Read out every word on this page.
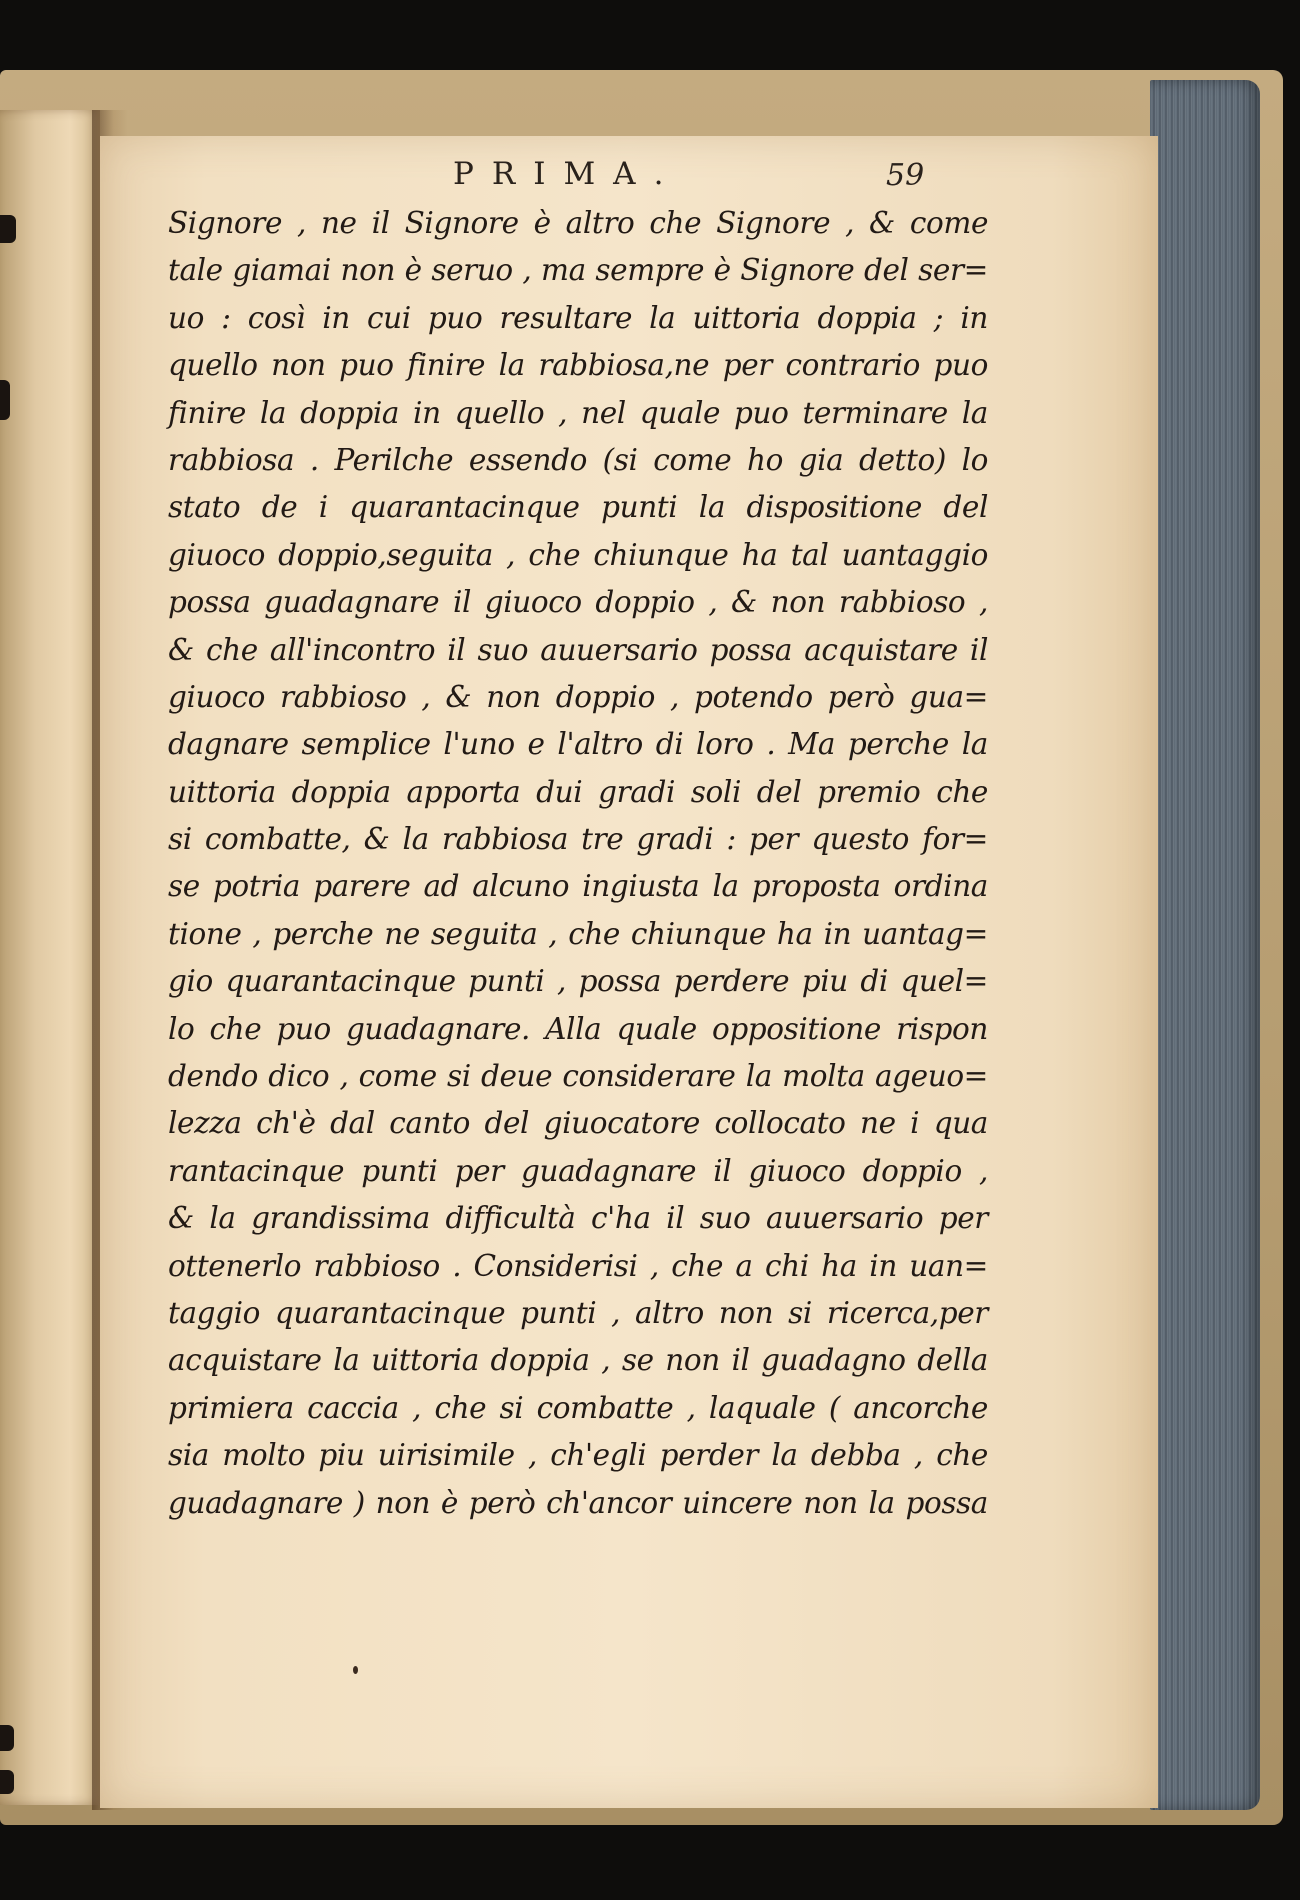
PRIMA.	59
Signore , ne il Signore è altro che Signore , & come
tale giamai non è seruo , ma sempre è Signore del ser=
uo : così in cui puo resultare la uittoria doppia ; in
quello non puo finire la rabbiosa,ne per contrario puo
finire la doppia in quello , nel quale puo terminare la
rabbiosa . Perilche essendo (si come ho gia detto) lo
stato de i quarantacinque punti la dispositione del
giuoco doppio,seguita , che chiunque ha tal uantaggio
possa guadagnare il giuoco doppio , & non rabbioso ,
& che all'incontro il suo auuersario possa acquistare il
giuoco rabbioso , & non doppio , potendo però gua=
dagnare semplice l'uno e l'altro di loro . Ma perche la
uittoria doppia apporta dui gradi soli del premio che
si combatte, & la rabbiosa tre gradi : per questo for=
se potria parere ad alcuno ingiusta la proposta ordina
tione , perche ne seguita , che chiunque ha in uantag=
gio quarantacinque punti , possa perdere piu di quel=
lo che puo guadagnare. Alla quale oppositione rispon
dendo dico , come si deue considerare la molta ageuo=
lezza ch'è dal canto del giuocatore collocato ne i qua
rantacinque punti per guadagnare il giuoco doppio ,
& la grandissima difficultà c'ha il suo auuersario per
ottenerlo rabbioso . Considerisi , che a chi ha in uan=
taggio quarantacinque punti , altro non si ricerca,per
acquistare la uittoria doppia , se non il guadagno della
primiera caccia , che si combatte , laquale ( ancorche
sia molto piu uirisimile , ch'egli perder la debba , che
guadagnare ) non è però ch'ancor uincere non la possa
